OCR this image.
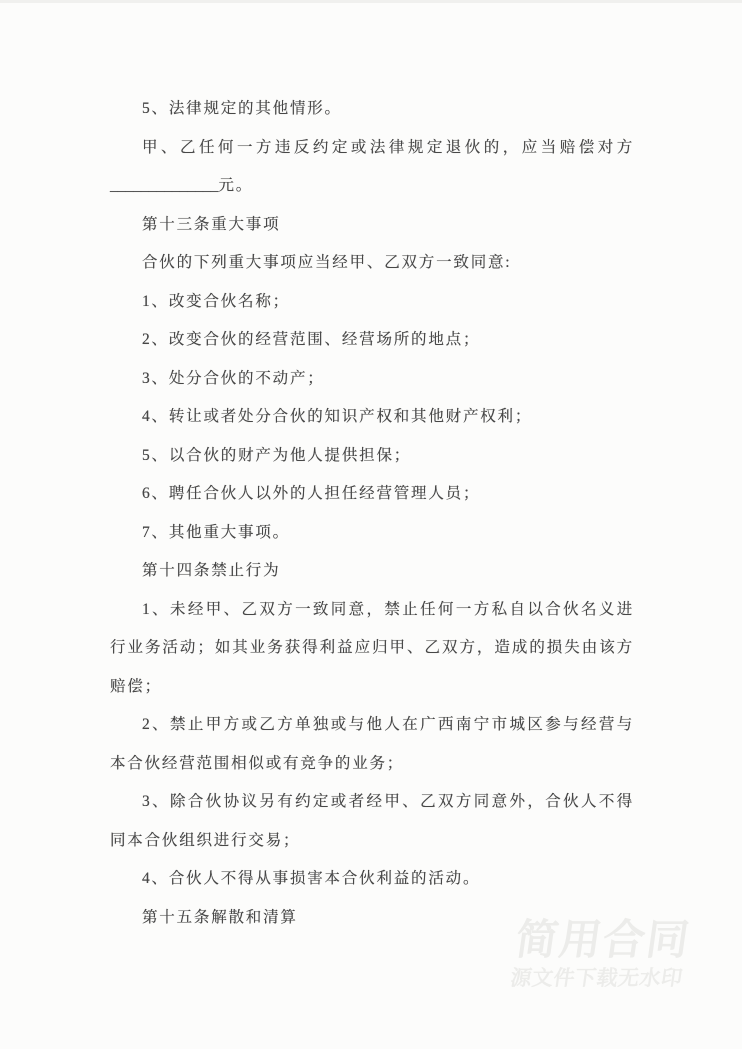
5、法律规定的其他情形。
甲、乙任何一方违反约定或法律规定退伙的，应当赔偿对方
______________元。
第十三条重大事项
合伙的下列重大事项应当经甲、乙双方一致同意:
1、改变合伙名称；
2、改变合伙的经营范围、经营场所的地点；
3、处分合伙的不动产；
4、转让或者处分合伙的知识产权和其他财产权利；
5、以合伙的财产为他人提供担保；
6、聘任合伙人以外的人担任经营管理人员；
7、其他重大事项。
第十四条禁止行为
1、未经甲、乙双方一致同意，禁止任何一方私自以合伙名义进
行业务活动；如其业务获得利益应归甲、乙双方，造成的损失由该方
赔偿；
2、禁止甲方或乙方单独或与他人在广西南宁市城区参与经营与
本合伙经营范围相似或有竞争的业务；
3、除合伙协议另有约定或者经甲、乙双方同意外，合伙人不得
同本合伙组织进行交易；
4、合伙人不得从事损害本合伙利益的活动。
第十五条解散和清算	简用合同
源文件下载无水印
